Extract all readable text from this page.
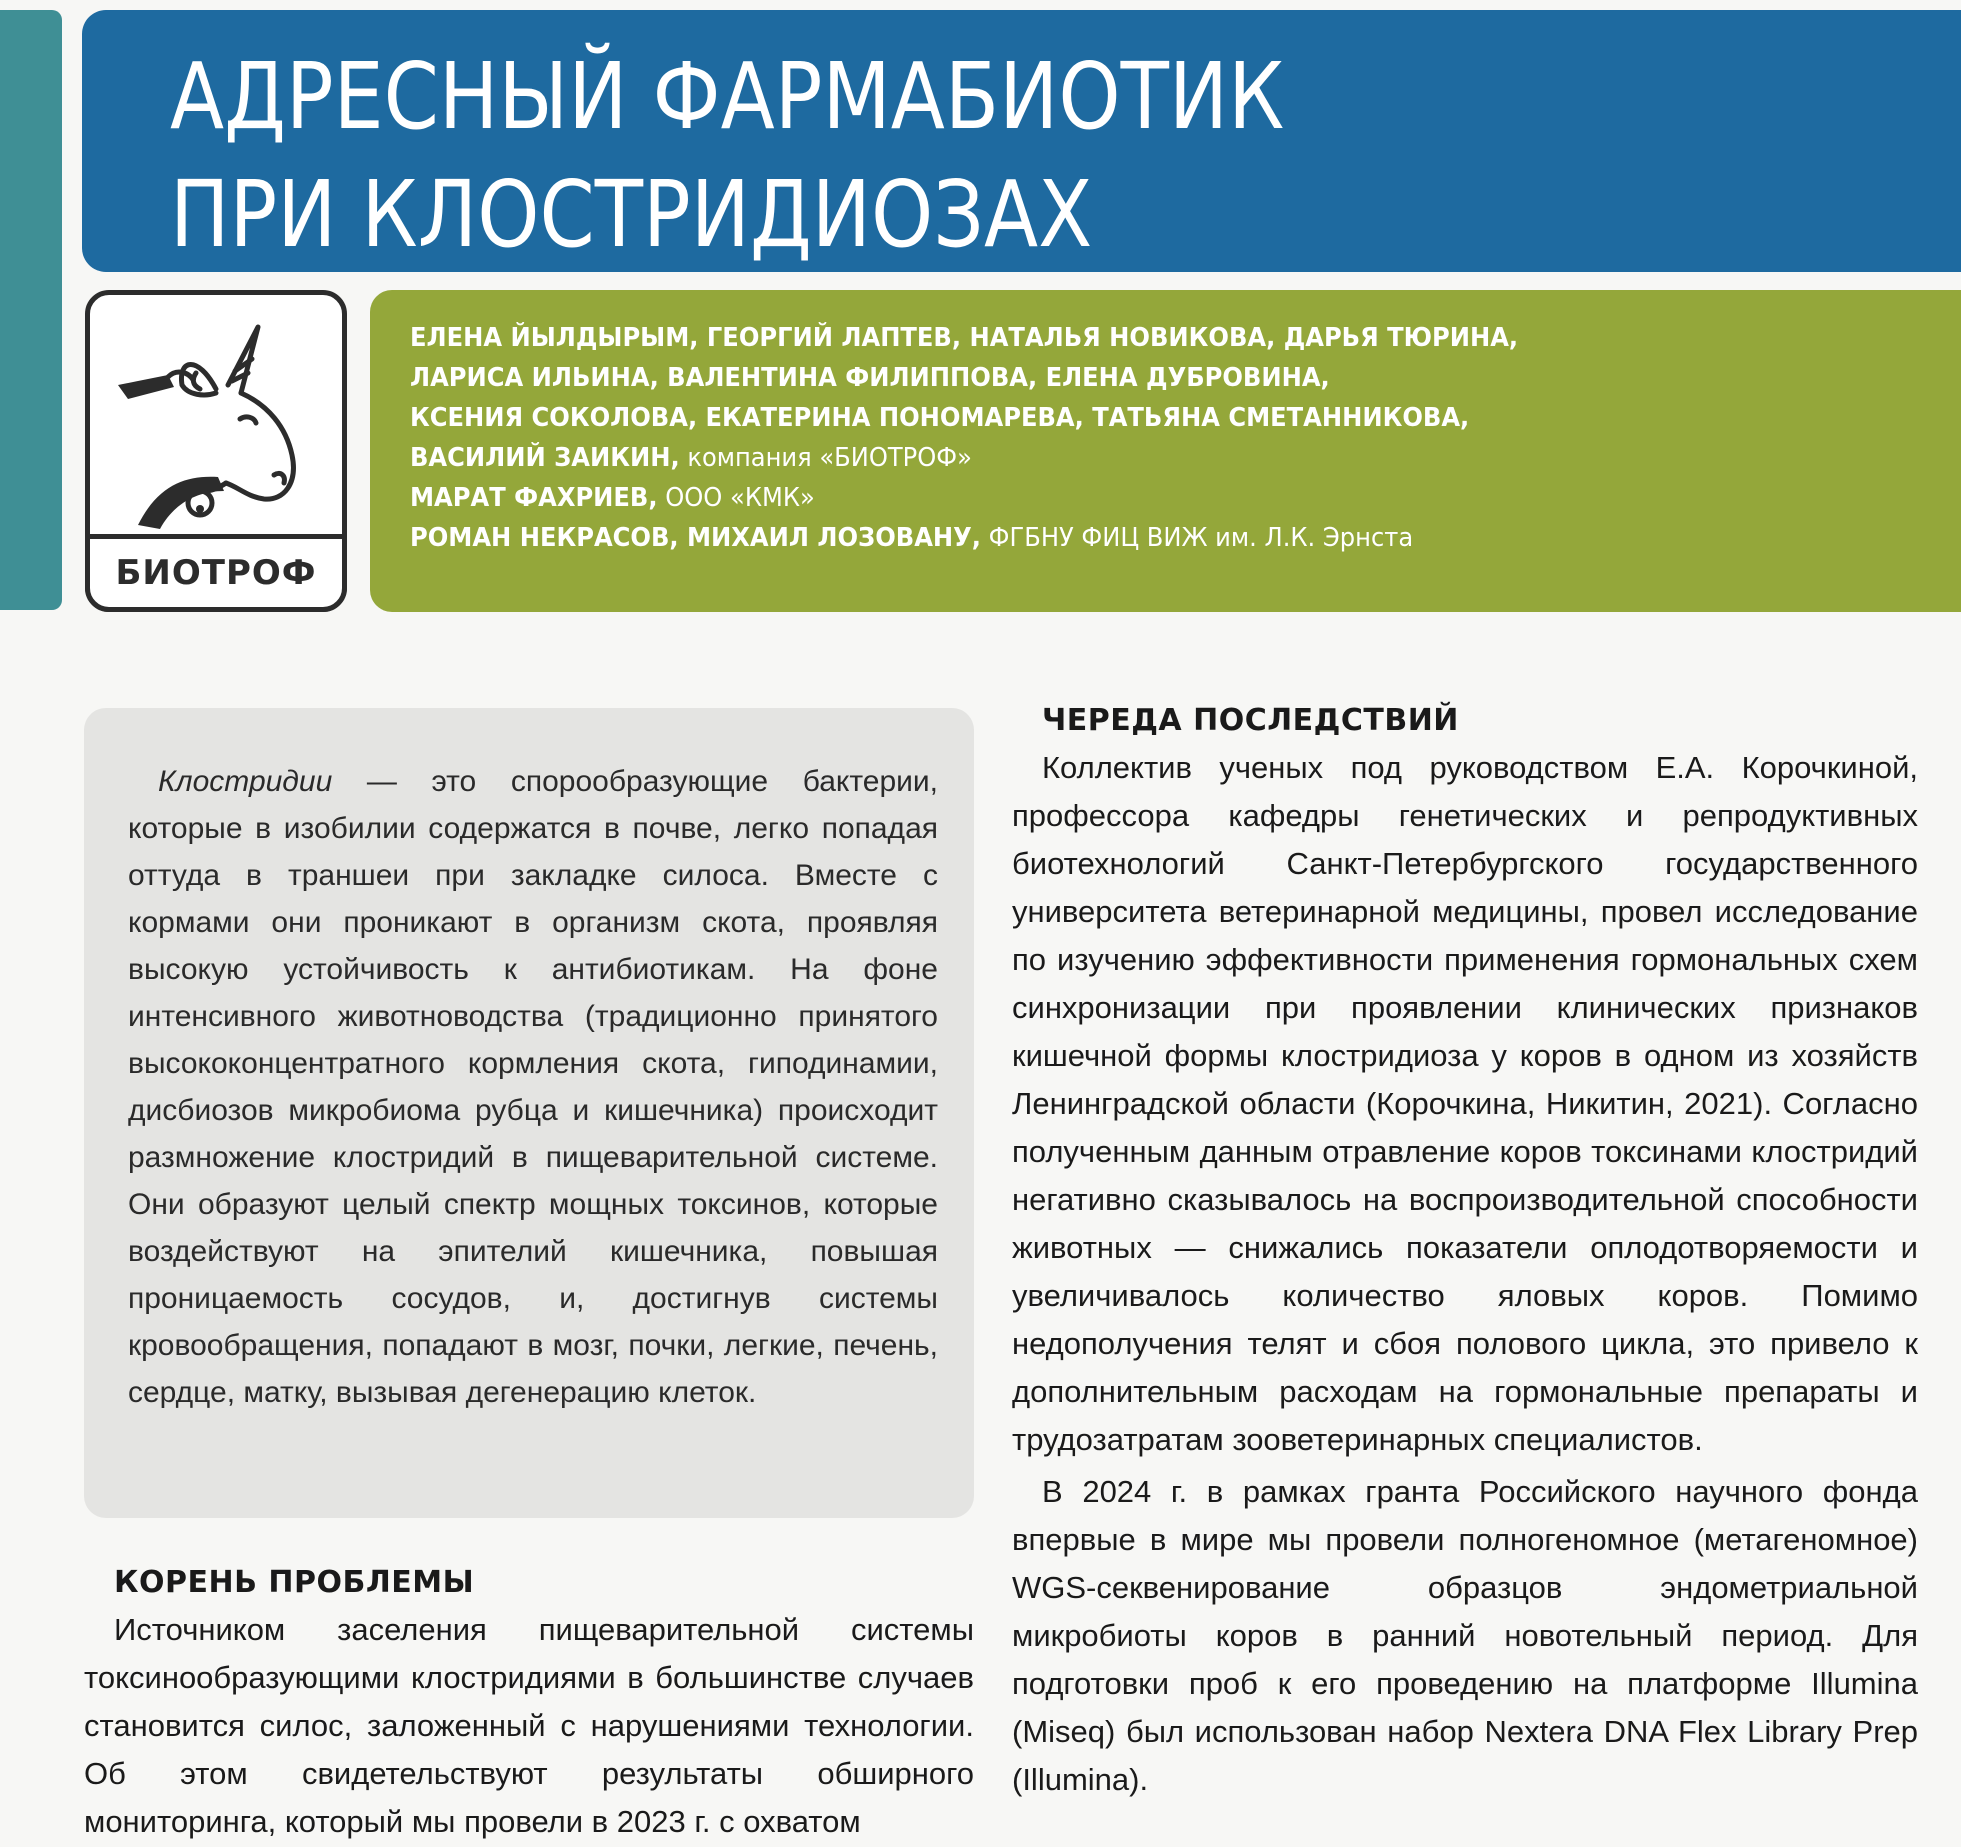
АДРЕСНЫЙ ФАРМАБИОТИК
ПРИ КЛОСТРИДИОЗАХ
БИОТРОФ
ЕЛЕНА ЙЫЛДЫРЫМ, ГЕОРГИЙ ЛАПТЕВ, НАТАЛЬЯ НОВИКОВА, ДАРЬЯ ТЮРИНА,
ЛАРИСА ИЛЬИНА, ВАЛЕНТИНА ФИЛИППОВА, ЕЛЕНА ДУБРОВИНА,
КСЕНИЯ СОКОЛОВА, ЕКАТЕРИНА ПОНОМАРЕВА, ТАТЬЯНА СМЕТАННИКОВА,
ВАСИЛИЙ ЗАИКИН, компания «БИОТРОФ»
МАРАТ ФАХРИЕВ, ООО «КМК»
РОМАН НЕКРАСОВ, МИХАИЛ ЛОЗОВАНУ, ФГБНУ ФИЦ ВИЖ им. Л.К. Эрнста

Клостридии — это спорообразующие бактерии, которые в изобилии содержатся в почве, легко попадая оттуда в траншеи при закладке силоса. Вместе с кормами они проникают в организм скота, проявляя высокую устойчивость к антибиотикам. На фоне интенсивного животноводства (традиционно принятого высококонцентратного кормления скота, гиподинамии, дисбиозов микробиома рубца и кишечника) происходит размножение клостридий в пищеварительной системе. Они образуют целый спектр мощных токсинов, которые воздействуют на эпителий кишечника, повышая проницаемость сосудов, и, достигнув системы кровообращения, попадают в мозг, почки, легкие, печень, сердце, матку, вызывая дегенерацию клеток.

КОРЕНЬ ПРОБЛЕМЫ

Источником заселения пищеварительной системы токсинообразующими клостридиями в большинстве случаев становится силос, заложенный с нарушениями технологии. Об этом свидетельствуют результаты обширного мониторинга, который мы провели в 2023 г. с охватом

ЧЕРЕДА ПОСЛЕДСТВИЙ

Коллектив ученых под руководством Е.А. Корочкиной, профессора кафедры генетических и репродуктивных биотехнологий Санкт-Петербургского государственного университета ветеринарной медицины, провел исследование по изучению эффективности применения гормональных схем синхронизации при проявлении клинических признаков кишечной формы клостридиоза у коров в одном из хозяйств Ленинградской области (Корочкина, Никитин, 2021). Согласно полученным данным отравление коров токсинами клостридий негативно сказывалось на воспроизводительной способности животных — снижались показатели оплодотворяемости и увеличивалось количество яловых коров. Помимо недополучения телят и сбоя полового цикла, это привело к дополнительным расходам на гормональные препараты и трудозатратам зооветеринарных специалистов.

В 2024 г. в рамках гранта Российского научного фонда впервые в мире мы провели полногеномное (метагеномное) WGS-секвенирование образцов эндометриальной микробиоты коров в ранний новотельный период. Для подготовки проб к его проведению на платформе Illumina (Miseq) был использован набор Nextera DNA Flex Library Prep (Illumina).
